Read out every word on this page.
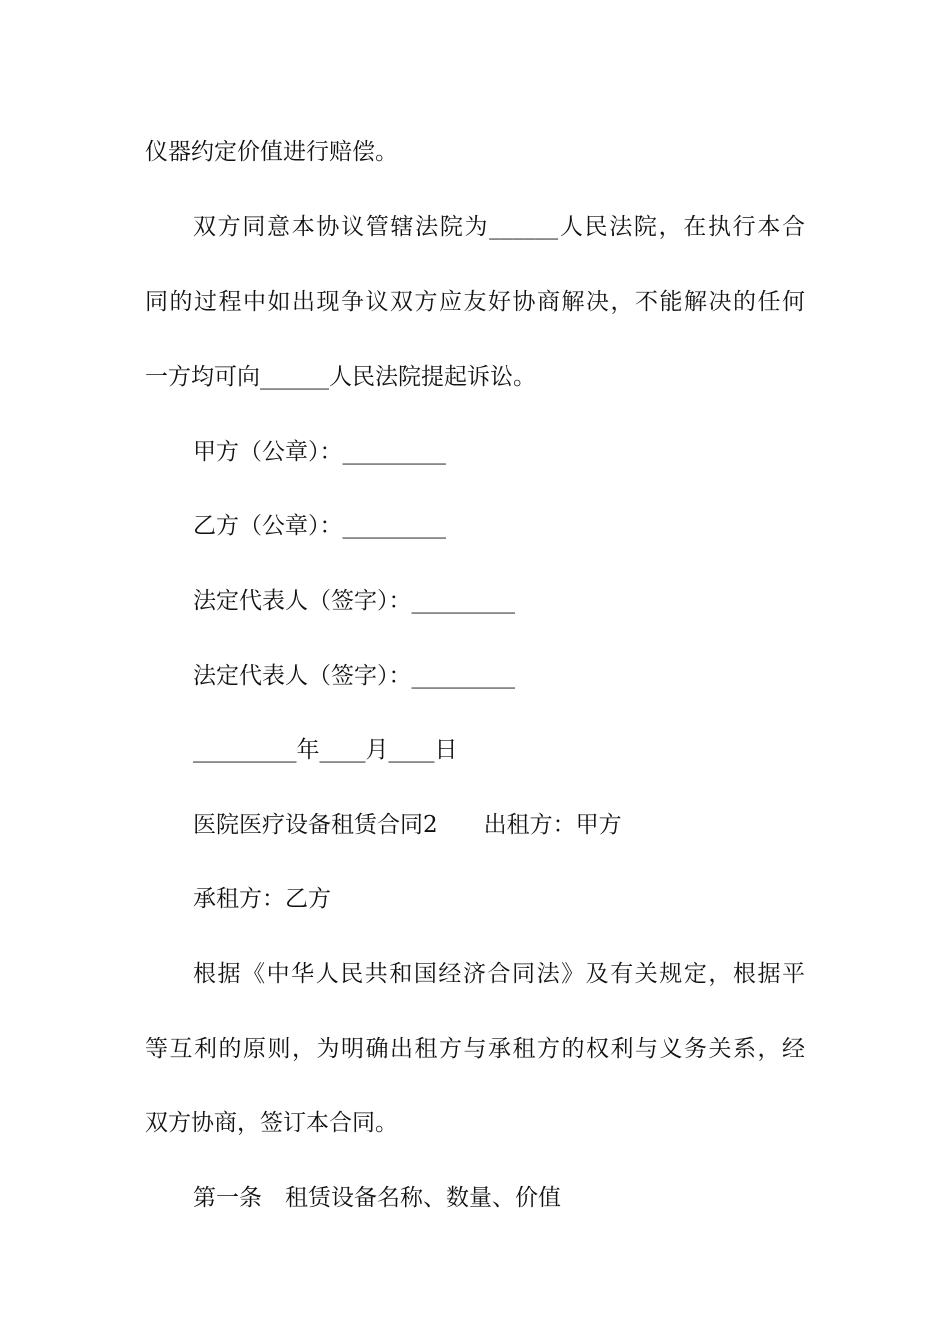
仪器约定价值进行赔偿。

双方同意本协议管辖法院为______人民法院，在执行本合

同的过程中如出现争议双方应友好协商解决，不能解决的任何

一方均可向______人民法院提起诉讼。

甲方（公章）：_________

乙方（公章）：_________

法定代表人（签字）：_________

法定代表人（签字）：_________

_________年____月____日

医院医疗设备租赁合同2　　出租方：甲方

承租方：乙方

根据《中华人民共和国经济合同法》及有关规定，根据平

等互利的原则，为明确出租方与承租方的权利与义务关系，经

双方协商，签订本合同。

第一条　租赁设备名称、数量、价值
